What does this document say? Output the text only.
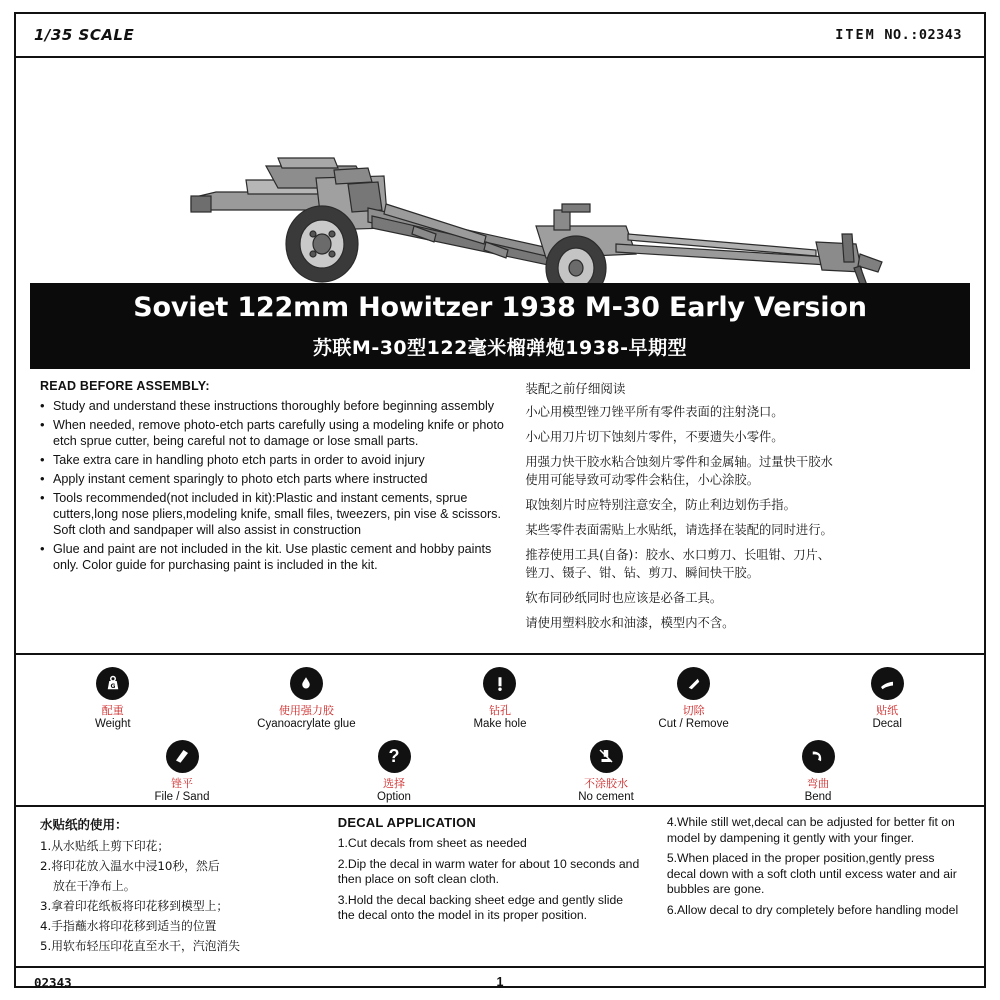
1/35 SCALE	ITEM NO.:02343
Soviet 122mm Howitzer 1938 M-30 Early Version
苏联M-30型122毫米榴弹炮1938-早期型
READ BEFORE ASSEMBLY:
• Study and understand these instructions thoroughly before beginning assembly
• When needed, remove photo-etch parts carefully using a modeling knife or photo etch sprue cutter, being careful not to damage or lose small parts.
• Take extra care in handling photo etch parts in order to avoid injury
• Apply instant cement sparingly to photo etch parts where instructed
• Tools recommended(not included in kit):Plastic and instant cements, sprue cutters,long nose pliers,modeling knife, small files, tweezers, pin vise & scissors. Soft cloth and sandpaper will also assist in construction
• Glue and paint are not included in the kit. Use plastic cement and hobby paints only. Color guide for purchasing paint is included in the kit.
装配之前仔细阅读

小心用模型锉刀锉平所有零件表面的注射浇口。

小心用刀片切下蚀刻片零件，不要遗失小零件。

用强力快干胶水粘合蚀刻片零件和金属轴。过量快干胶水

使用可能导致可动零件会粘住，小心涂胶。

取蚀刻片时应特别注意安全，防止利边划伤手指。

某些零件表面需贴上水贴纸，请选择在装配的同时进行。

推荐使用工具(自备)：胶水、水口剪刀、长咀钳、刀片、

锉刀、镊子、钳、钻、剪刀、瞬间快干胶。

软布同砂纸同时也应该是必备工具。

请使用塑料胶水和油漆，模型内不含。

G
配重
Weight
使用强力胶
Cyanoacrylate glue
钻孔
Make hole
切除
Cut / Remove
贴纸
Decal
锉平
File / Sand
?
选择
Option
不涂胶水
No cement
弯曲
Bend
水贴纸的使用：

1.从水贴纸上剪下印花；

2.将印花放入温水中浸10秒，然后

放在干净布上。

3.拿着印花纸板将印花移到模型上；

4.手指蘸水将印花移到适当的位置

5.用软布轻压印花直至水干，汽泡消失

DECAL APPLICATION

1.Cut decals from sheet as needed

2.Dip the decal in warm water for about 10 seconds and then place on soft clean cloth.

3.Hold the decal backing sheet edge and gently slide the decal onto the model in its proper position.

4.While still wet,decal can be adjusted for better fit on model by dampening it gently with your finger.

5.When placed in the proper position,gently press decal down with a soft cloth until excess water and air bubbles are gone.

6.Allow decal to dry completely before handling model

02343	1
